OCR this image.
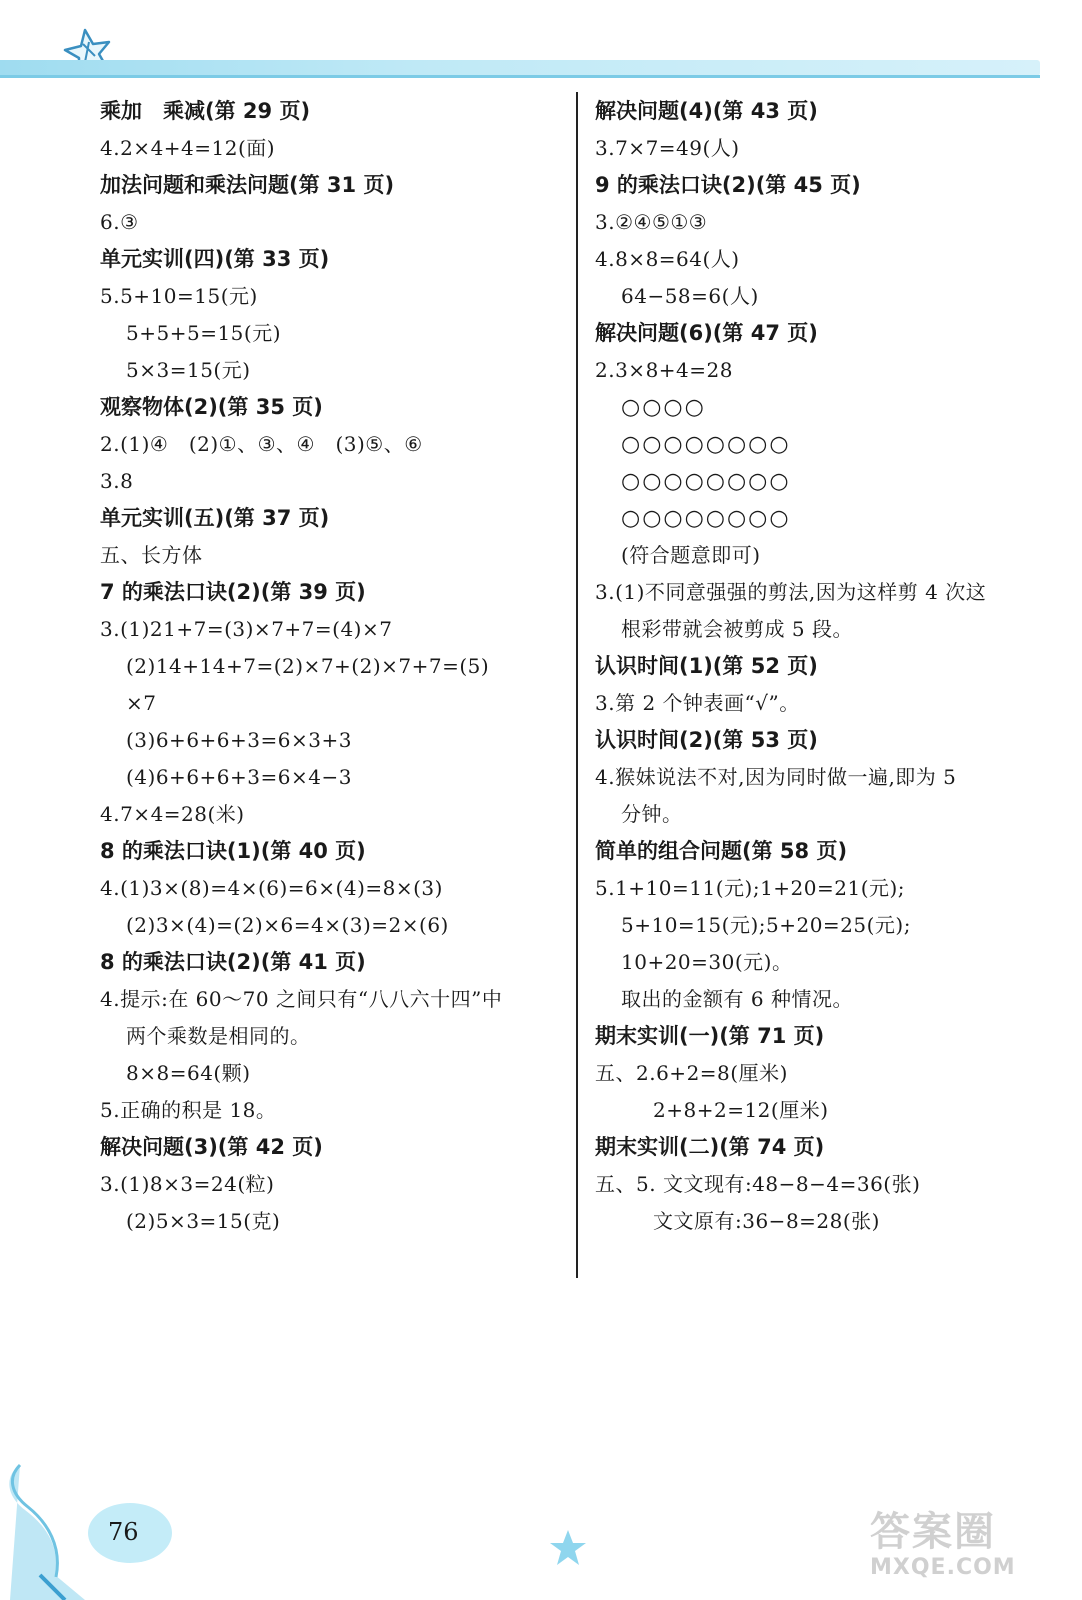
乘加　乘减(第 29 页)
4.2×4+4=12(面)
加法问题和乘法问题(第 31 页)
6.③
单元实训(四)(第 33 页)
5.5+10=15(元)
5+5+5=15(元)
5×3=15(元)
观察物体(2)(第 35 页)
2.(1)④　(2)①、③、④　(3)⑤、⑥
3.8
单元实训(五)(第 37 页)
五、长方体
7 的乘法口诀(2)(第 39 页)
3.(1)21+7=(3)×7+7=(4)×7
(2)14+14+7=(2)×7+(2)×7+7=(5)
×7
(3)6+6+6+3=6×3+3
(4)6+6+6+3=6×4−3
4.7×4=28(米)
8 的乘法口诀(1)(第 40 页)
4.(1)3×(8)=4×(6)=6×(4)=8×(3)
(2)3×(4)=(2)×6=4×(3)=2×(6)
8 的乘法口诀(2)(第 41 页)
4.提示:在 60～70 之间只有“八八六十四”中
两个乘数是相同的。
8×8=64(颗)
5.正确的积是 18。
解决问题(3)(第 42 页)
3.(1)8×3=24(粒)
(2)5×3=15(克)
解决问题(4)(第 43 页)
3.7×7=49(人)
9 的乘法口诀(2)(第 45 页)
3.②④⑤①③
4.8×8=64(人)
64−58=6(人)
解决问题(6)(第 47 页)
2.3×8+4=28
○○○○
○○○○○○○○
○○○○○○○○
○○○○○○○○
(符合题意即可)
3.(1)不同意强强的剪法,因为这样剪 4 次这
根彩带就会被剪成 5 段。
认识时间(1)(第 52 页)
3.第 2 个钟表画“√”。
认识时间(2)(第 53 页)
4.猴妹说法不对,因为同时做一遍,即为 5
分钟。
简单的组合问题(第 58 页)
5.1+10=11(元);1+20=21(元);
5+10=15(元);5+20=25(元);
10+20=30(元)。
取出的金额有 6 种情况。
期末实训(一)(第 71 页)
五、2.6+2=8(厘米)
2+8+2=12(厘米)
期末实训(二)(第 74 页)
五、5. 文文现有:48−8−4=36(张)
文文原有:36−8=28(张)
76	答案圈
MXQE.COM
